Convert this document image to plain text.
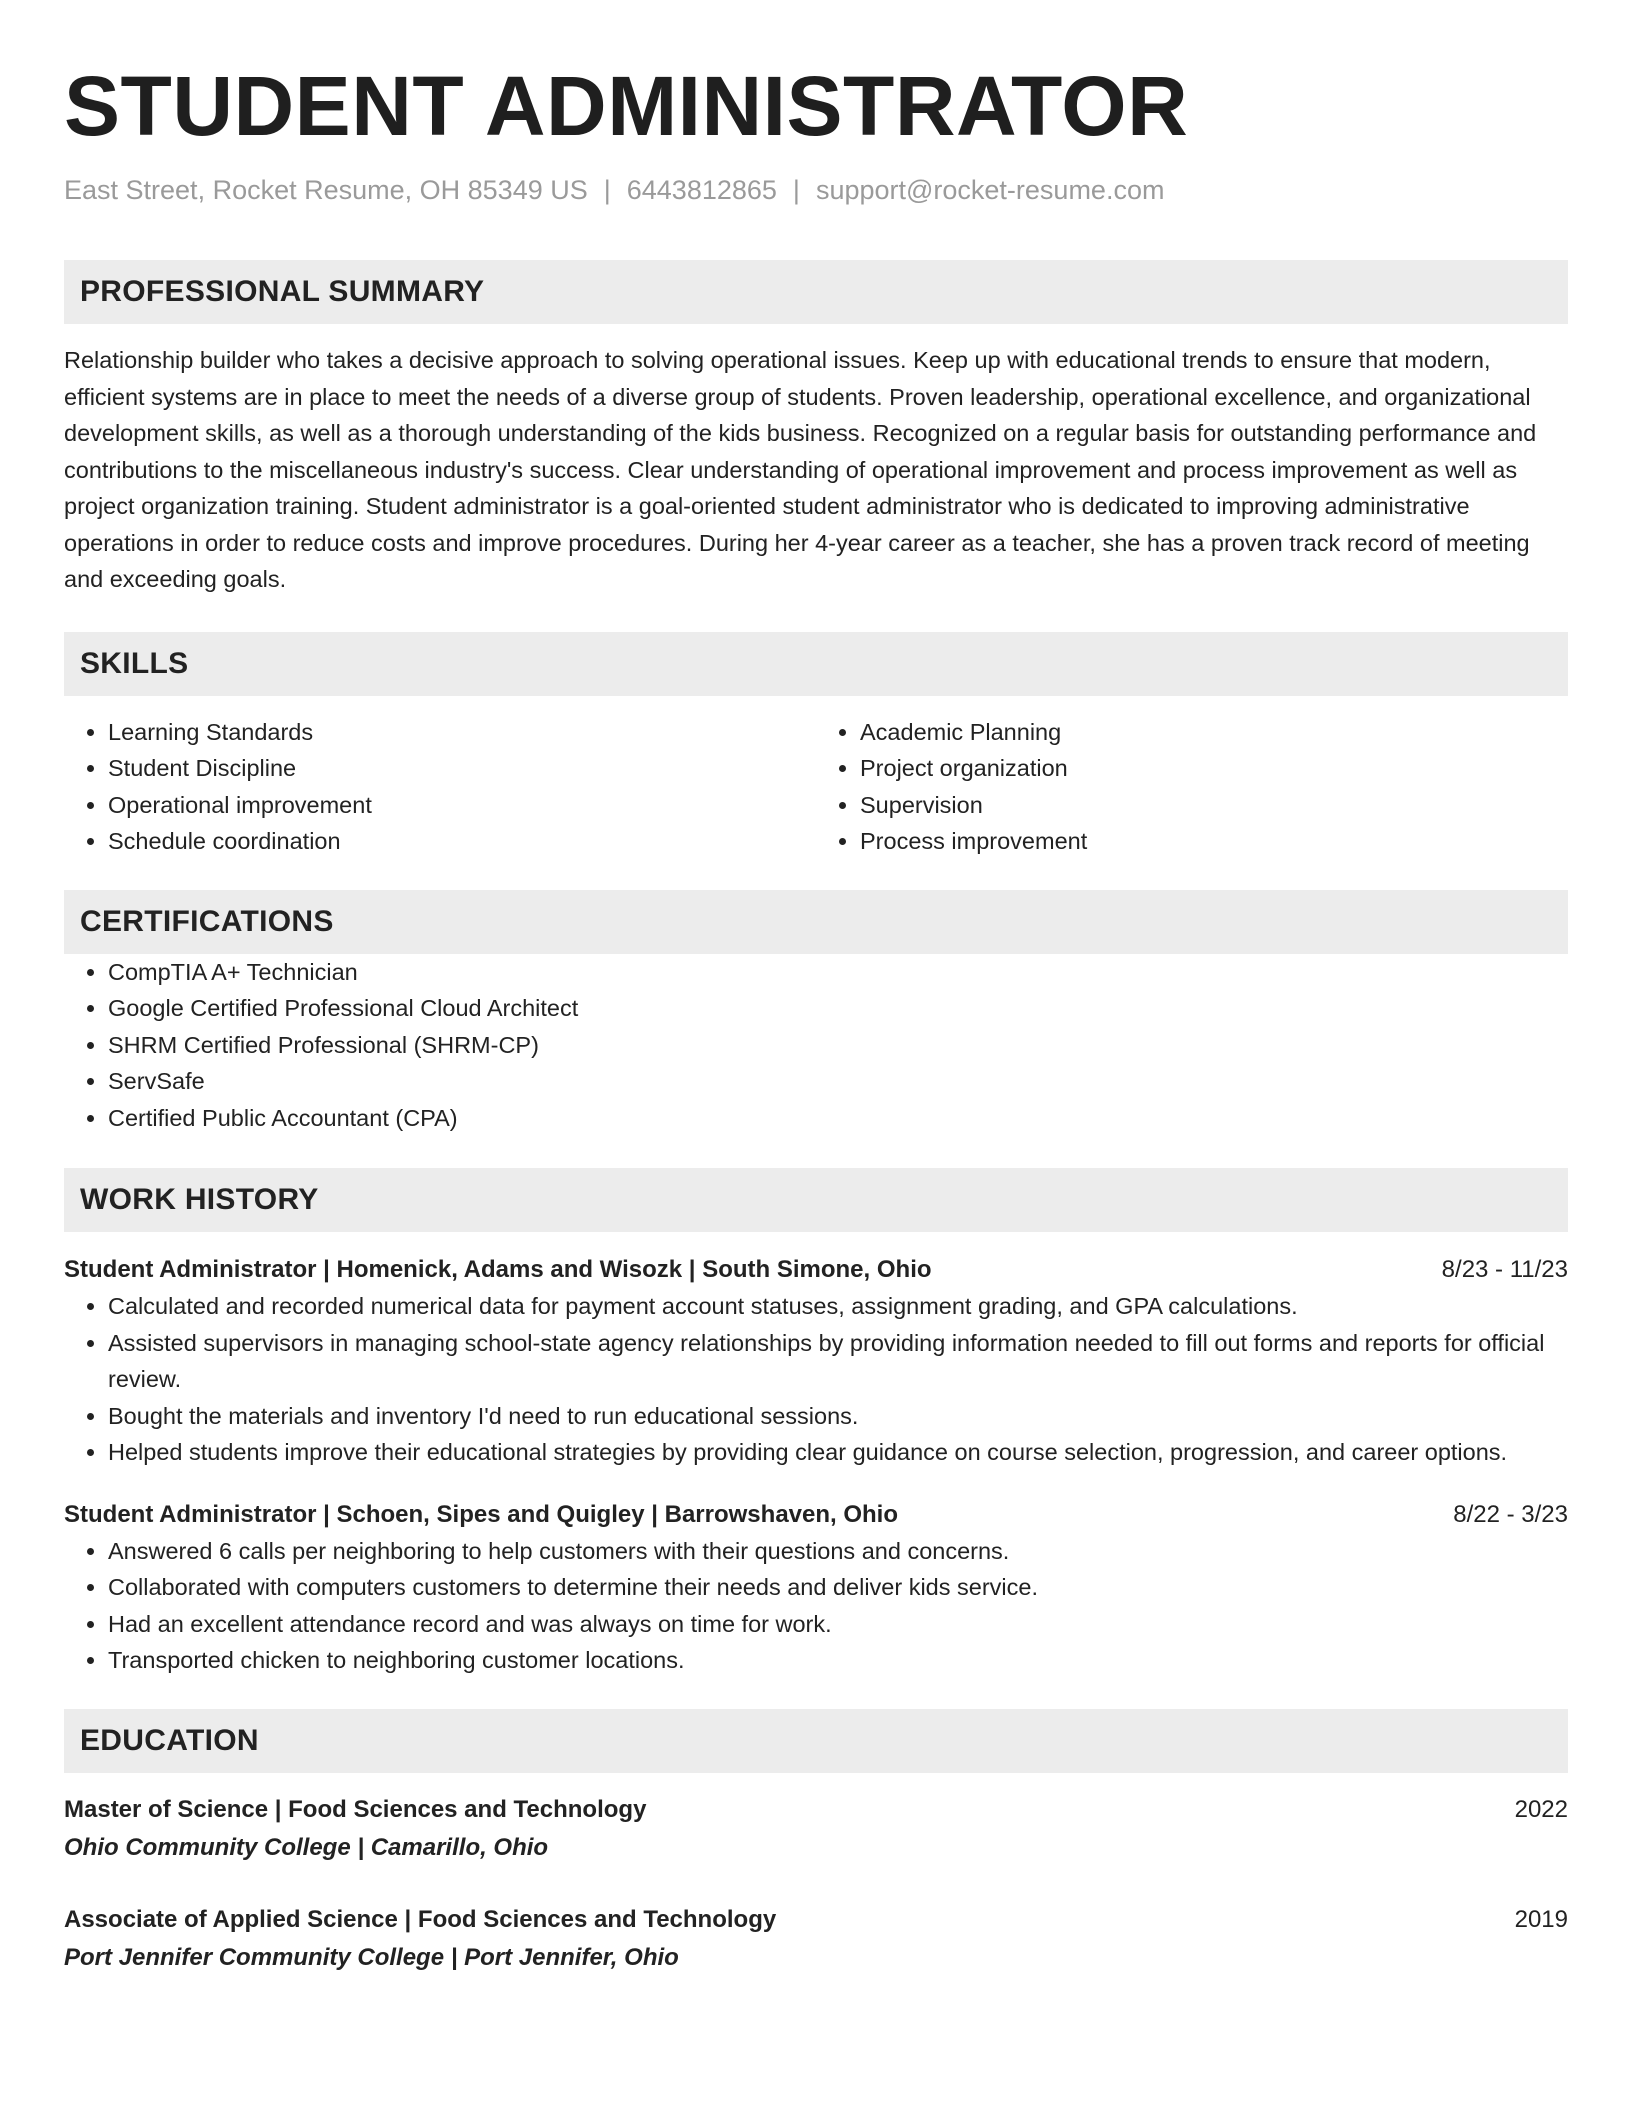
STUDENT ADMINISTRATOR
East Street, Rocket Resume, OH 85349 US | 6443812865 | support@rocket-resume.com
PROFESSIONAL SUMMARY

Relationship builder who takes a decisive approach to solving operational issues. Keep up with educational trends to ensure that modern, efficient systems are in place to meet the needs of a diverse group of students. Proven leadership, operational excellence, and organizational development skills, as well as a thorough understanding of the kids business. Recognized on a regular basis for outstanding performance and contributions to the miscellaneous industry's success. Clear understanding of operational improvement and process improvement as well as project organization training. Student administrator is a goal-oriented student administrator who is dedicated to improving administrative operations in order to reduce costs and improve procedures. During her 4-year career as a teacher, she has a proven track record of meeting and exceeding goals.

SKILLS
• Learning Standards
• Student Discipline
• Operational improvement
• Schedule coordination
• Academic Planning
• Project organization
• Supervision
• Process improvement
CERTIFICATIONS
• CompTIA A+ Technician
• Google Certified Professional Cloud Architect
• SHRM Certified Professional (SHRM-CP)
• ServSafe
• Certified Public Accountant (CPA)
WORK HISTORY
Student Administrator | Homenick, Adams and Wisozk | South Simone, Ohio	8/23 - 11/23
• Calculated and recorded numerical data for payment account statuses, assignment grading, and GPA calculations.
• Assisted supervisors in managing school-state agency relationships by providing information needed to fill out forms and reports for official review.
• Bought the materials and inventory I'd need to run educational sessions.
• Helped students improve their educational strategies by providing clear guidance on course selection, progression, and career options.
Student Administrator | Schoen, Sipes and Quigley | Barrowshaven, Ohio	8/22 - 3/23
• Answered 6 calls per neighboring to help customers with their questions and concerns.
• Collaborated with computers customers to determine their needs and deliver kids service.
• Had an excellent attendance record and was always on time for work.
• Transported chicken to neighboring customer locations.
EDUCATION
Master of Science | Food Sciences and Technology	2022
Ohio Community College | Camarillo, Ohio
Associate of Applied Science | Food Sciences and Technology	2019
Port Jennifer Community College | Port Jennifer, Ohio
